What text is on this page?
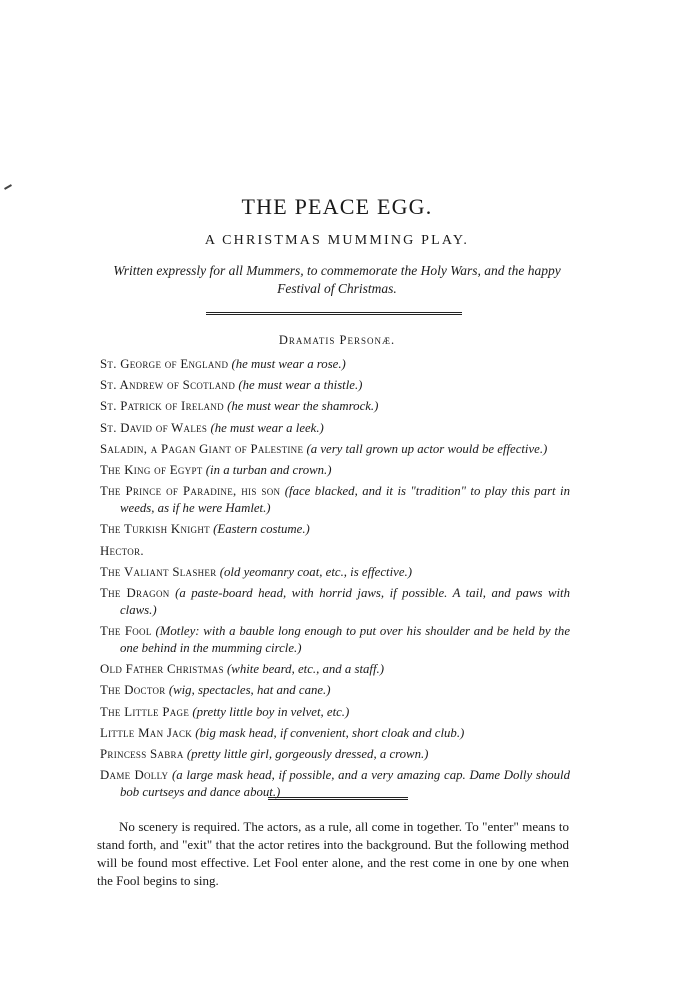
THE PEACE EGG.
A CHRISTMAS MUMMING PLAY.
Written expressly for all Mummers, to commemorate the Holy Wars, and the happy Festival of Christmas.
Dramatis Personæ.
St. George of England (he must wear a rose.)
St. Andrew of Scotland (he must wear a thistle.)
St. Patrick of Ireland (he must wear the shamrock.)
St. David of Wales (he must wear a leek.)
Saladin, a Pagan Giant of Palestine (a very tall grown up actor would be effective.)
The King of Egypt (in a turban and crown.)
The Prince of Paradine, his son (face blacked, and it is "tradition" to play this part in weeds, as if he were Hamlet.)
The Turkish Knight (Eastern costume.)
Hector.
The Valiant Slasher (old yeomanry coat, etc., is effective.)
The Dragon (a paste-board head, with horrid jaws, if possible. A tail, and paws with claws.)
The Fool (Motley: with a bauble long enough to put over his shoulder and be held by the one behind in the mumming circle.)
Old Father Christmas (white beard, etc., and a staff.)
The Doctor (wig, spectacles, hat and cane.)
The Little Page (pretty little boy in velvet, etc.)
Little Man Jack (big mask head, if convenient, short cloak and club.)
Princess Sabra (pretty little girl, gorgeously dressed, a crown.)
Dame Dolly (a large mask head, if possible, and a very amazing cap. Dame Dolly should bob curtseys and dance about.)
No scenery is required. The actors, as a rule, all come in together. To "enter" means to stand forth, and "exit" that the actor retires into the background. But the following method will be found most effective. Let Fool enter alone, and the rest come in one by one when the Fool begins to sing.
